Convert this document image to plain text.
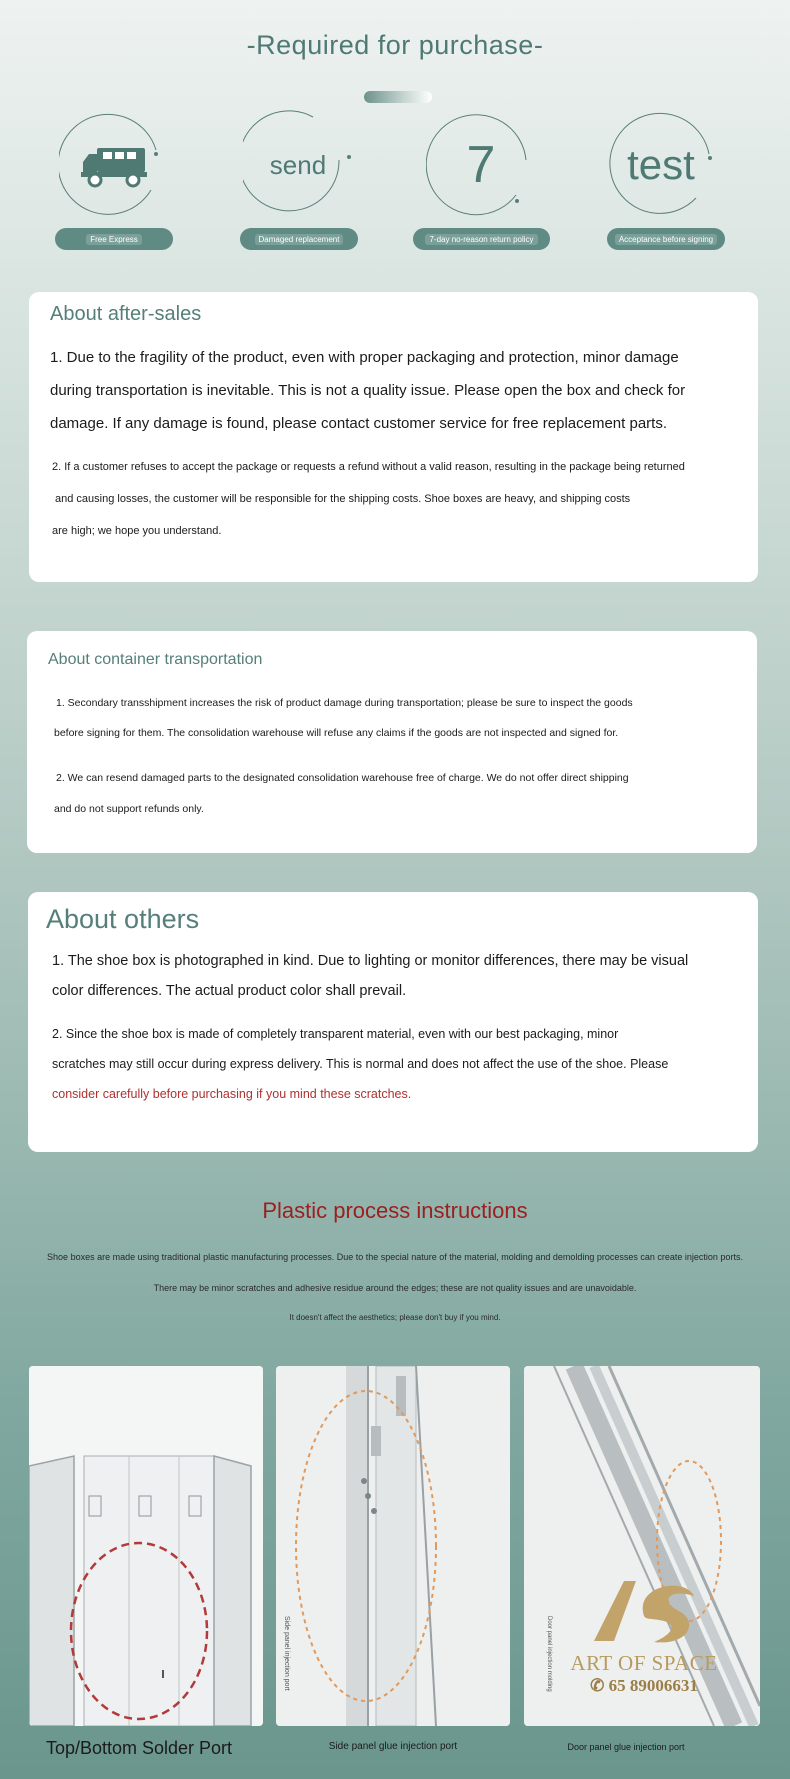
-Required for purchase-
Free Express
send
Damaged replacement
7
7-day no-reason return policy
test
Acceptance before signing
About after-sales
1. Due to the fragility of the product, even with proper packaging and protection, minor damage
during transportation is inevitable. This is not a quality issue. Please open the box and check for
damage. If any damage is found, please contact customer service for free replacement parts.
2. If a customer refuses to accept the package or requests a refund without a valid reason, resulting in the package being returned
and causing losses, the customer will be responsible for the shipping costs. Shoe boxes are heavy, and shipping costs
are high; we hope you understand.
About container transportation
1. Secondary transshipment increases the risk of product damage during transportation; please be sure to inspect the goods
before signing for them. The consolidation warehouse will refuse any claims if the goods are not inspected and signed for.
2. We can resend damaged parts to the designated consolidation warehouse free of charge. We do not offer direct shipping
and do not support refunds only.
About others
1. The shoe box is photographed in kind. Due to lighting or monitor differences, there may be visual
color differences. The actual product color shall prevail.
2. Since the shoe box is made of completely transparent material, even with our best packaging, minor
scratches may still occur during express delivery. This is normal and does not affect the use of the shoe. Please
consider carefully before purchasing if you mind these scratches.
Plastic process instructions
Shoe boxes are made using traditional plastic manufacturing processes. Due to the special nature of the material, molding and demolding processes can create injection ports.
There may be minor scratches and adhesive residue around the edges; these are not quality issues and are unavoidable.
It doesn't affect the aesthetics; please don't buy if you mind.
Side panel injection port	Door panel injection molding ART OF SPACE
✆ 65 89006631
Top/Bottom Solder Port	Side panel glue injection port	Door panel glue injection port
